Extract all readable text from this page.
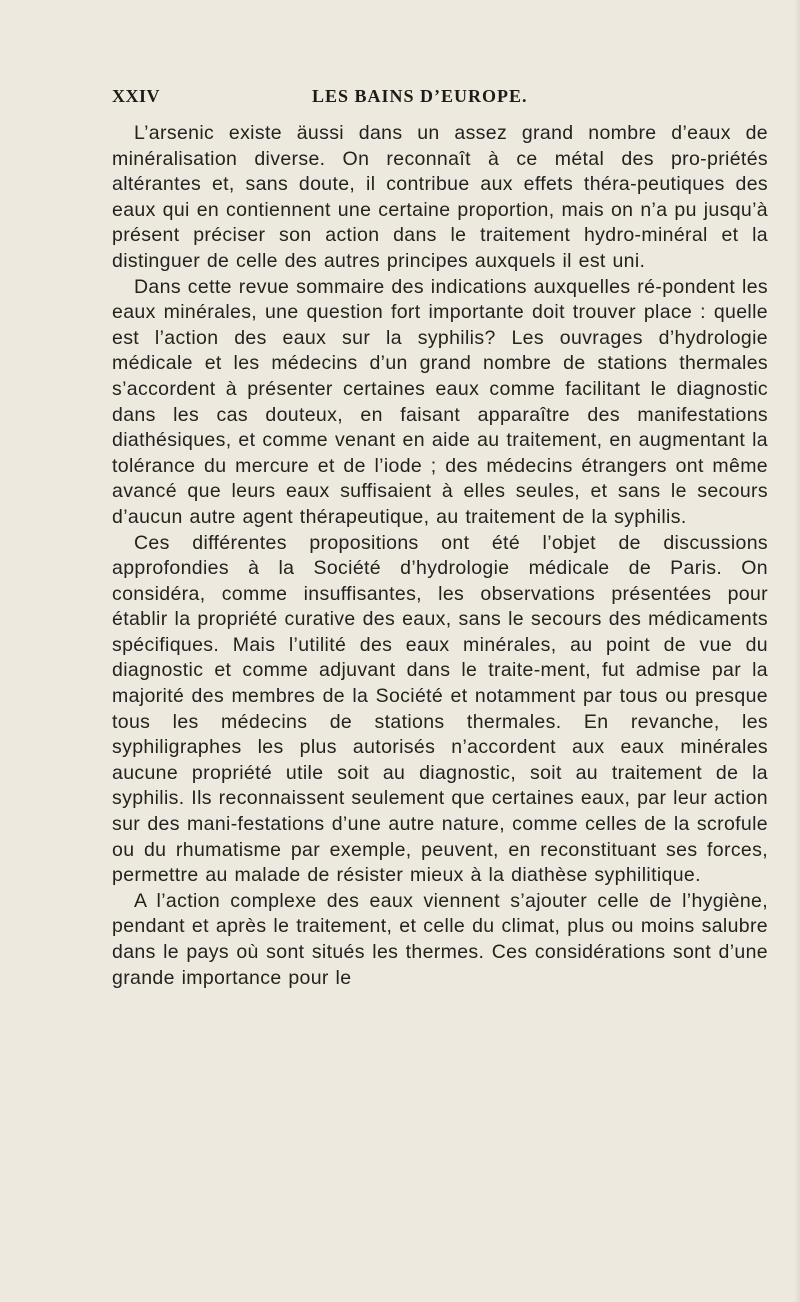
XXIV	LES BAINS D’EUROPE.

L’arsenic existe äussi dans un assez grand nombre d’eaux de minéralisation diverse. On reconnaît à ce métal des pro-priétés altérantes et, sans doute, il contribue aux effets théra-peutiques des eaux qui en contiennent une certaine proportion, mais on n’a pu jusqu’à présent préciser son action dans le traitement hydro-minéral et la distinguer de celle des autres principes auxquels il est uni.

Dans cette revue sommaire des indications auxquelles ré-pondent les eaux minérales, une question fort importante doit trouver place : quelle est l’action des eaux sur la syphilis? Les ouvrages d’hydrologie médicale et les médecins d’un grand nombre de stations thermales s’accordent à présenter certaines eaux comme facilitant le diagnostic dans les cas douteux, en faisant apparaître des manifestations diathésiques, et comme venant en aide au traitement, en augmentant la tolérance du mercure et de l’iode ; des médecins étrangers ont même avancé que leurs eaux suffisaient à elles seules, et sans le secours d’aucun autre agent thérapeutique, au traitement de la syphilis.

Ces différentes propositions ont été l’objet de discussions approfondies à la Société d’hydrologie médicale de Paris. On considéra, comme insuffisantes, les observations présentées pour établir la propriété curative des eaux, sans le secours des médicaments spécifiques. Mais l’utilité des eaux minérales, au point de vue du diagnostic et comme adjuvant dans le traite-ment, fut admise par la majorité des membres de la Société et notamment par tous ou presque tous les médecins de stations thermales. En revanche, les syphiligraphes les plus autorisés n’accordent aux eaux minérales aucune propriété utile soit au diagnostic, soit au traitement de la syphilis. Ils reconnaissent seulement que certaines eaux, par leur action sur des mani-festations d’une autre nature, comme celles de la scrofule ou du rhumatisme par exemple, peuvent, en reconstituant ses forces, permettre au malade de résister mieux à la diathèse syphilitique.

A l’action complexe des eaux viennent s’ajouter celle de l’hygiène, pendant et après le traitement, et celle du climat, plus ou moins salubre dans le pays où sont situés les thermes. Ces considérations sont d’une grande importance pour le
